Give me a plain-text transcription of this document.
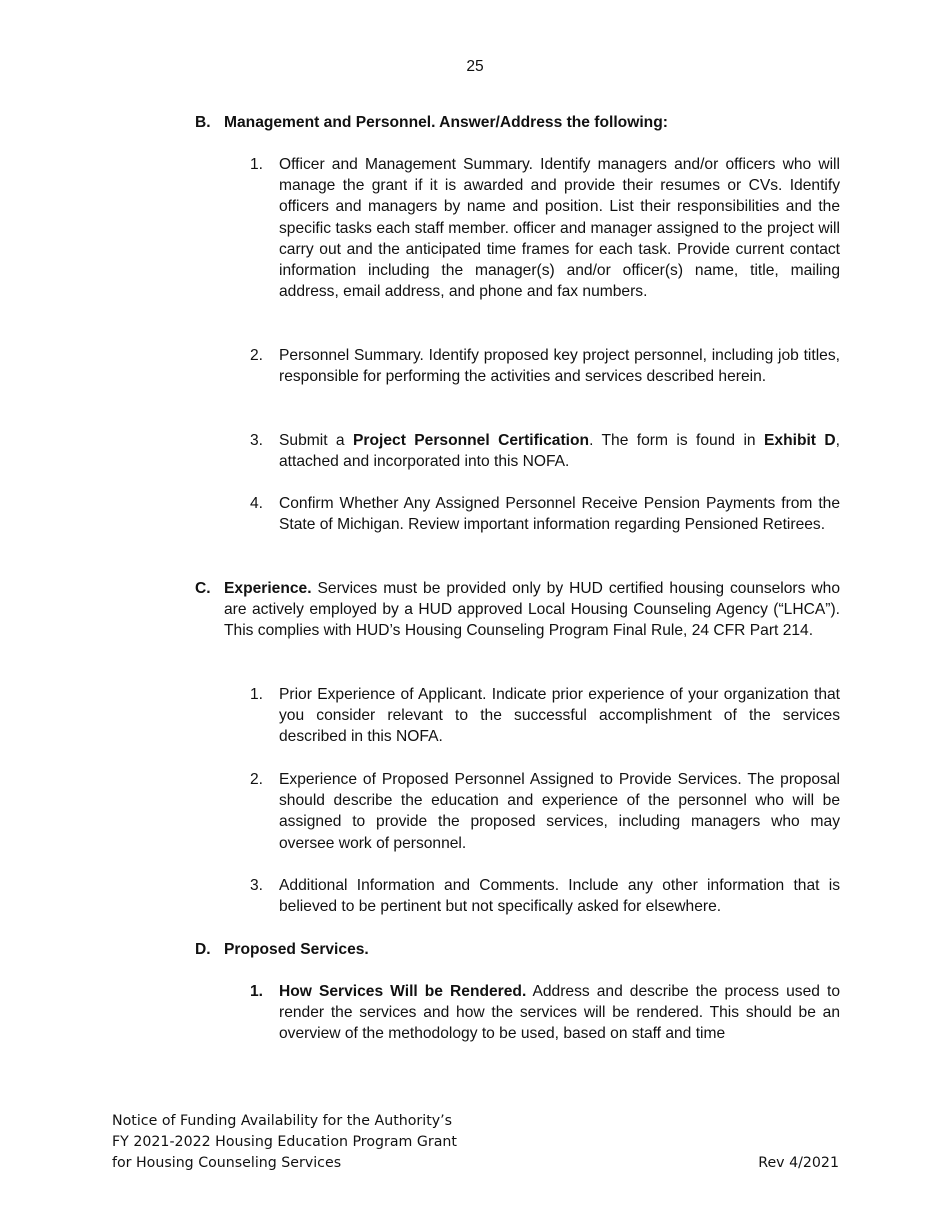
25
B. Management and Personnel. Answer/Address the following:
1. Officer and Management Summary. Identify managers and/or officers who will manage the grant if it is awarded and provide their resumes or CVs. Identify officers and managers by name and position. List their responsibilities and the specific tasks each staff member. officer and manager assigned to the project will carry out and the anticipated time frames for each task. Provide current contact information including the manager(s) and/or officer(s) name, title, mailing address, email address, and phone and fax numbers.
2. Personnel Summary. Identify proposed key project personnel, including job titles, responsible for performing the activities and services described herein.
3. Submit a Project Personnel Certification. The form is found in Exhibit D, attached and incorporated into this NOFA.
4. Confirm Whether Any Assigned Personnel Receive Pension Payments from the State of Michigan. Review important information regarding Pensioned Retirees.
C. Experience. Services must be provided only by HUD certified housing counselors who are actively employed by a HUD approved Local Housing Counseling Agency (“LHCA”). This complies with HUD’s Housing Counseling Program Final Rule, 24 CFR Part 214.
1. Prior Experience of Applicant. Indicate prior experience of your organization that you consider relevant to the successful accomplishment of the services described in this NOFA.
2. Experience of Proposed Personnel Assigned to Provide Services. The proposal should describe the education and experience of the personnel who will be assigned to provide the proposed services, including managers who may oversee work of personnel.
3. Additional Information and Comments. Include any other information that is believed to be pertinent but not specifically asked for elsewhere.
D. Proposed Services.
1. How Services Will be Rendered. Address and describe the process used to render the services and how the services will be rendered. This should be an overview of the methodology to be used, based on staff and time
Notice of Funding Availability for the Authority’s
FY 2021-2022 Housing Education Program Grant
for Housing Counseling Services	Rev 4/2021
